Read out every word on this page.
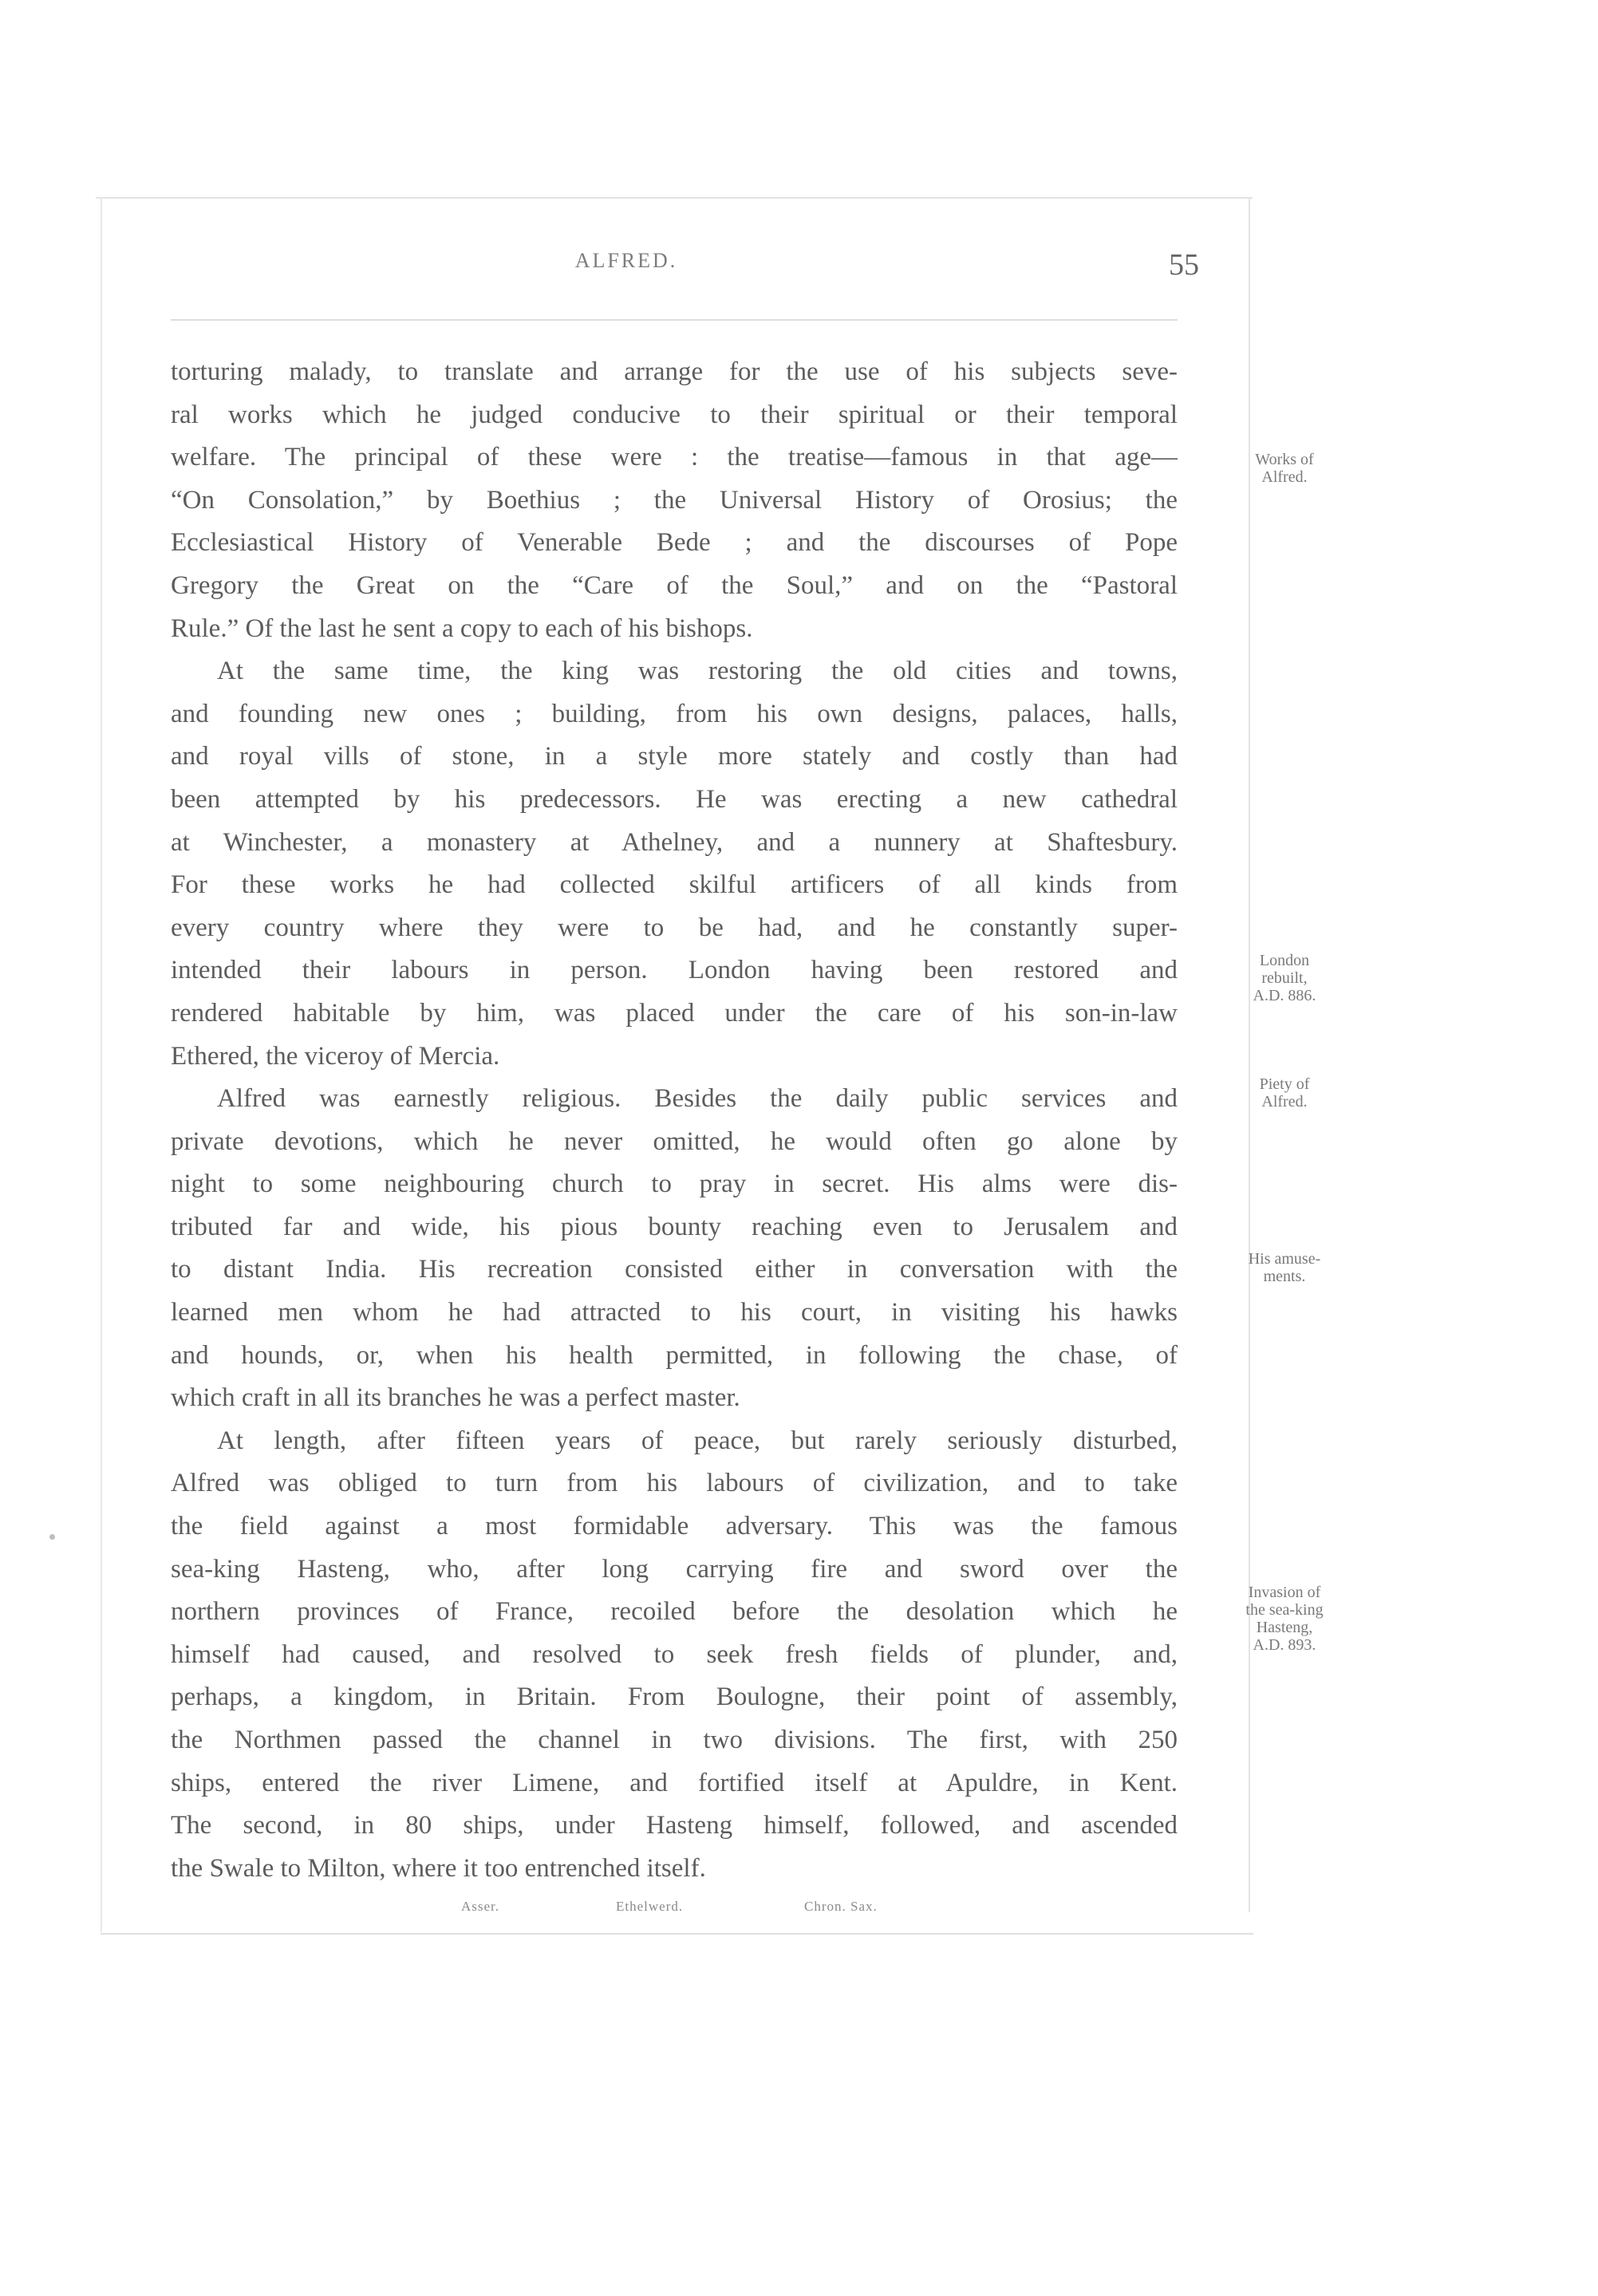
ALFRED.	55
torturing malady, to translate and arrange for the use of his subjects seve-
ral works which he judged conducive to their spiritual or their temporal
welfare. The principal of these were : the treatise—famous in that age—
“On Consolation,” by Boethius ; the Universal History of Orosius; the
Ecclesiastical History of Venerable Bede ; and the discourses of Pope
Gregory the Great on the “Care of the Soul,” and on the “Pastoral
Rule.” Of the last he sent a copy to each of his bishops.
At the same time, the king was restoring the old cities and towns,
and founding new ones ; building, from his own designs, palaces, halls,
and royal vills of stone, in a style more stately and costly than had
been attempted by his predecessors. He was erecting a new cathedral
at Winchester, a monastery at Athelney, and a nunnery at Shaftesbury.
For these works he had collected skilful artificers of all kinds from
every country where they were to be had, and he constantly super-
intended their labours in person. London having been restored and
rendered habitable by him, was placed under the care of his son-in-law
Ethered, the viceroy of Mercia.
Alfred was earnestly religious. Besides the daily public services and
private devotions, which he never omitted, he would often go alone by
night to some neighbouring church to pray in secret. His alms were dis-
tributed far and wide, his pious bounty reaching even to Jerusalem and
to distant India. His recreation consisted either in conversation with the
learned men whom he had attracted to his court, in visiting his hawks
and hounds, or, when his health permitted, in following the chase, of
which craft in all its branches he was a perfect master.
At length, after fifteen years of peace, but rarely seriously disturbed,
Alfred was obliged to turn from his labours of civilization, and to take
the field against a most formidable adversary. This was the famous
sea-king Hasteng, who, after long carrying fire and sword over the
northern provinces of France, recoiled before the desolation which he
himself had caused, and resolved to seek fresh fields of plunder, and,
perhaps, a kingdom, in Britain. From Boulogne, their point of assembly,
the Northmen passed the channel in two divisions. The first, with 250
ships, entered the river Limene, and fortified itself at Apuldre, in Kent.
The second, in 80 ships, under Hasteng himself, followed, and ascended
the Swale to Milton, where it too entrenched itself.
Works of
Alfred.
London
rebuilt,
A.D. 886.
Piety of
Alfred.
His amuse-
ments.
Invasion of
the sea-king
Hasteng,
A.D. 893.
Asser.	Ethelwerd.	Chron. Sax.
